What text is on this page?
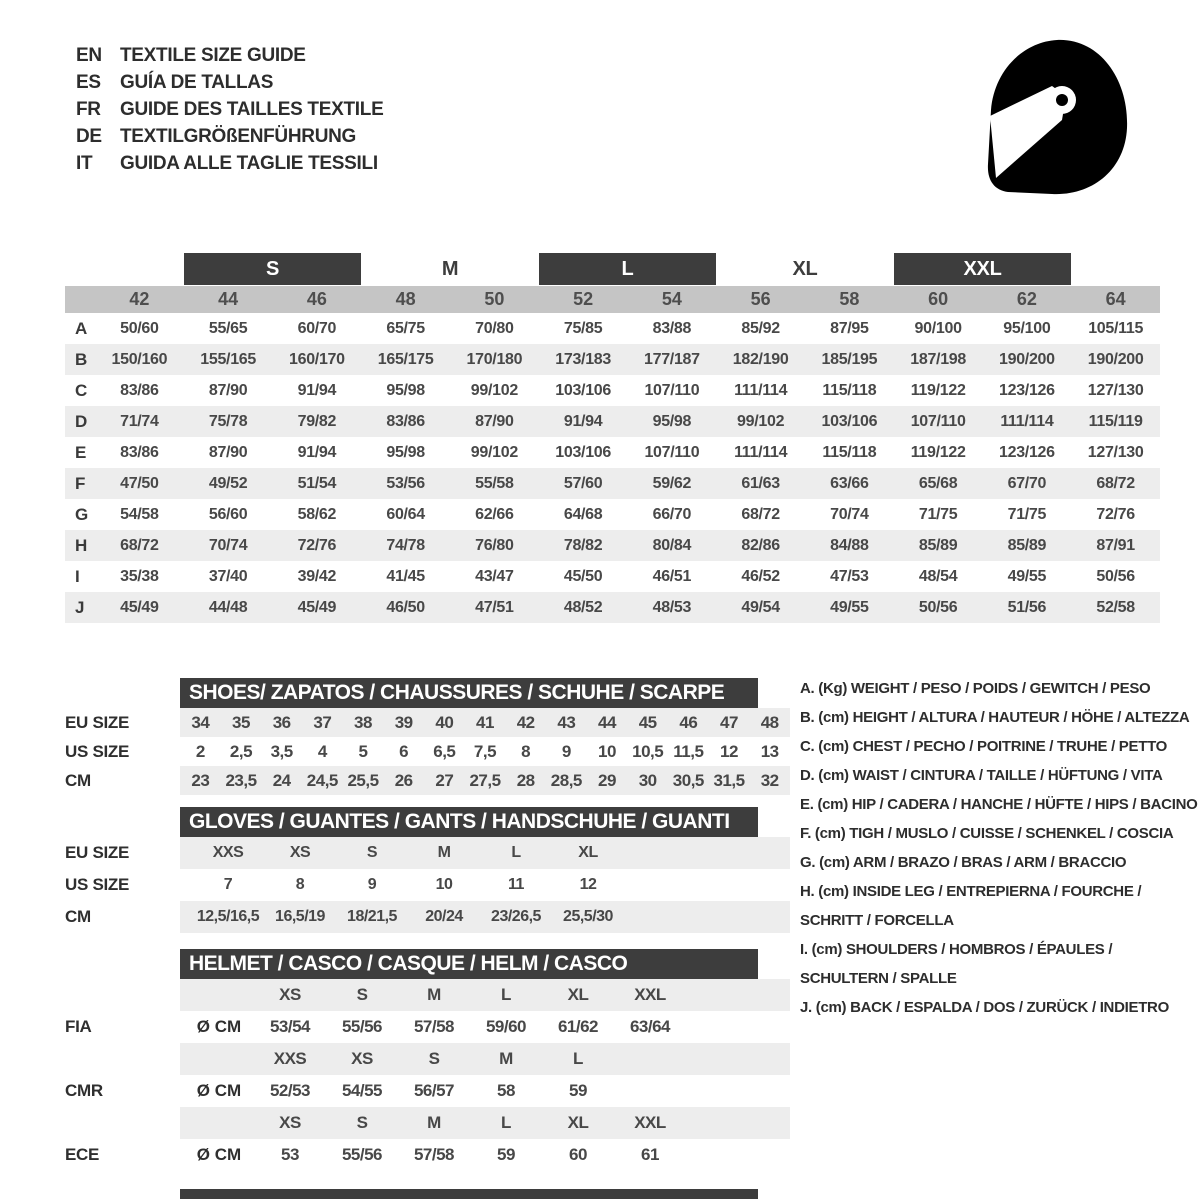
EN TEXTILE SIZE GUIDE
ES	GUÍA DE TALLAS
FR	GUIDE DES TAILLES TEXTILE
DE TEXTILGRÖßENFÜHRUNG
IT	GUIDA ALLE TAGLIE TESSILI
S	M	L	XL	XXL
42	44	46	48	50	52	54	56	58	60	62	64
A	50/60	55/65	60/70	65/75	70/80	75/85	83/88	85/92	87/95	90/100	95/100	105/115
B	150/160	155/165	160/170	165/175	170/180	173/183	177/187	182/190	185/195	187/198	190/200	190/200
C	83/86	87/90	91/94	95/98	99/102	103/106	107/110	111/114	115/118	119/122	123/126	127/130
D	71/74	75/78	79/82	83/86	87/90	91/94	95/98	99/102	103/106	107/110	111/114	115/119
E	83/86	87/90	91/94	95/98	99/102	103/106	107/110	111/114	115/118	119/122	123/126	127/130
F	47/50	49/52	51/54	53/56	55/58	57/60	59/62	61/63	63/66	65/68	67/70	68/72
G	54/58	56/60	58/62	60/64	62/66	64/68	66/70	68/72	70/74	71/75	71/75	72/76
H	68/72	70/74	72/76	74/78	76/80	78/82	80/84	82/86	84/88	85/89	85/89	87/91
I	35/38	37/40	39/42	41/45	43/47	45/50	46/51	46/52	47/53	48/54	49/55	50/56
J	45/49	44/48	45/49	46/50	47/51	48/52	48/53	49/54	49/55	50/56	51/56	52/58
SHOES/ ZAPATOS / CHAUSSURES / SCHUHE / SCARPE
EU SIZE	34	35	36	37	38	39	40	41	42	43	44	45	46	47	48
US SIZE	2	2,5	3,5	4	5	6	6,5	7,5	8	9	10 10,5 11,5 12	13
CM	23 23,5 24 24,5 25,5 26	27 27,5 28 28,5 29	30 30,5 31,5 32
GLOVES / GUANTES / GANTS / HANDSCHUHE / GUANTI
EU SIZE	XXS	XS	S	M	L	XL
US SIZE	7	8	9	10	11	12
CM	12,5/16,5 16,5/19	18/21,5	20/24	23/26,5	25,5/30
HELMET / CASCO / CASQUE / HELM / CASCO
XS	S	M	L	XL	XXL
FIA	Ø CM	53/54	55/56	57/58	59/60	61/62	63/64
XXS	XS	S	M	L
CMR	Ø CM	52/53	54/55	56/57	58	59
XS	S	M	L	XL	XXL
ECE	Ø CM	53	55/56	57/58	59	60	61
A. (Kg) WEIGHT / PESO / POIDS / GEWITCH / PESO
B. (cm) HEIGHT / ALTURA / HAUTEUR / HÖHE / ALTEZZA
C. (cm) CHEST / PECHO / POITRINE / TRUHE / PETTO
D. (cm) WAIST / CINTURA / TAILLE / HÜFTUNG / VITA
E. (cm) HIP / CADERA / HANCHE / HÜFTE / HIPS / BACINO
F. (cm) TIGH / MUSLO / CUISSE / SCHENKEL / COSCIA
G. (cm) ARM / BRAZO / BRAS / ARM / BRACCIO
H. (cm) INSIDE LEG / ENTREPIERNA / FOURCHE / SCHRITT / FORCELLA
I. (cm) SHOULDERS / HOMBROS / ÉPAULES / SCHULTERN / SPALLE
J. (cm) BACK / ESPALDA / DOS / ZURÜCK / INDIETRO
